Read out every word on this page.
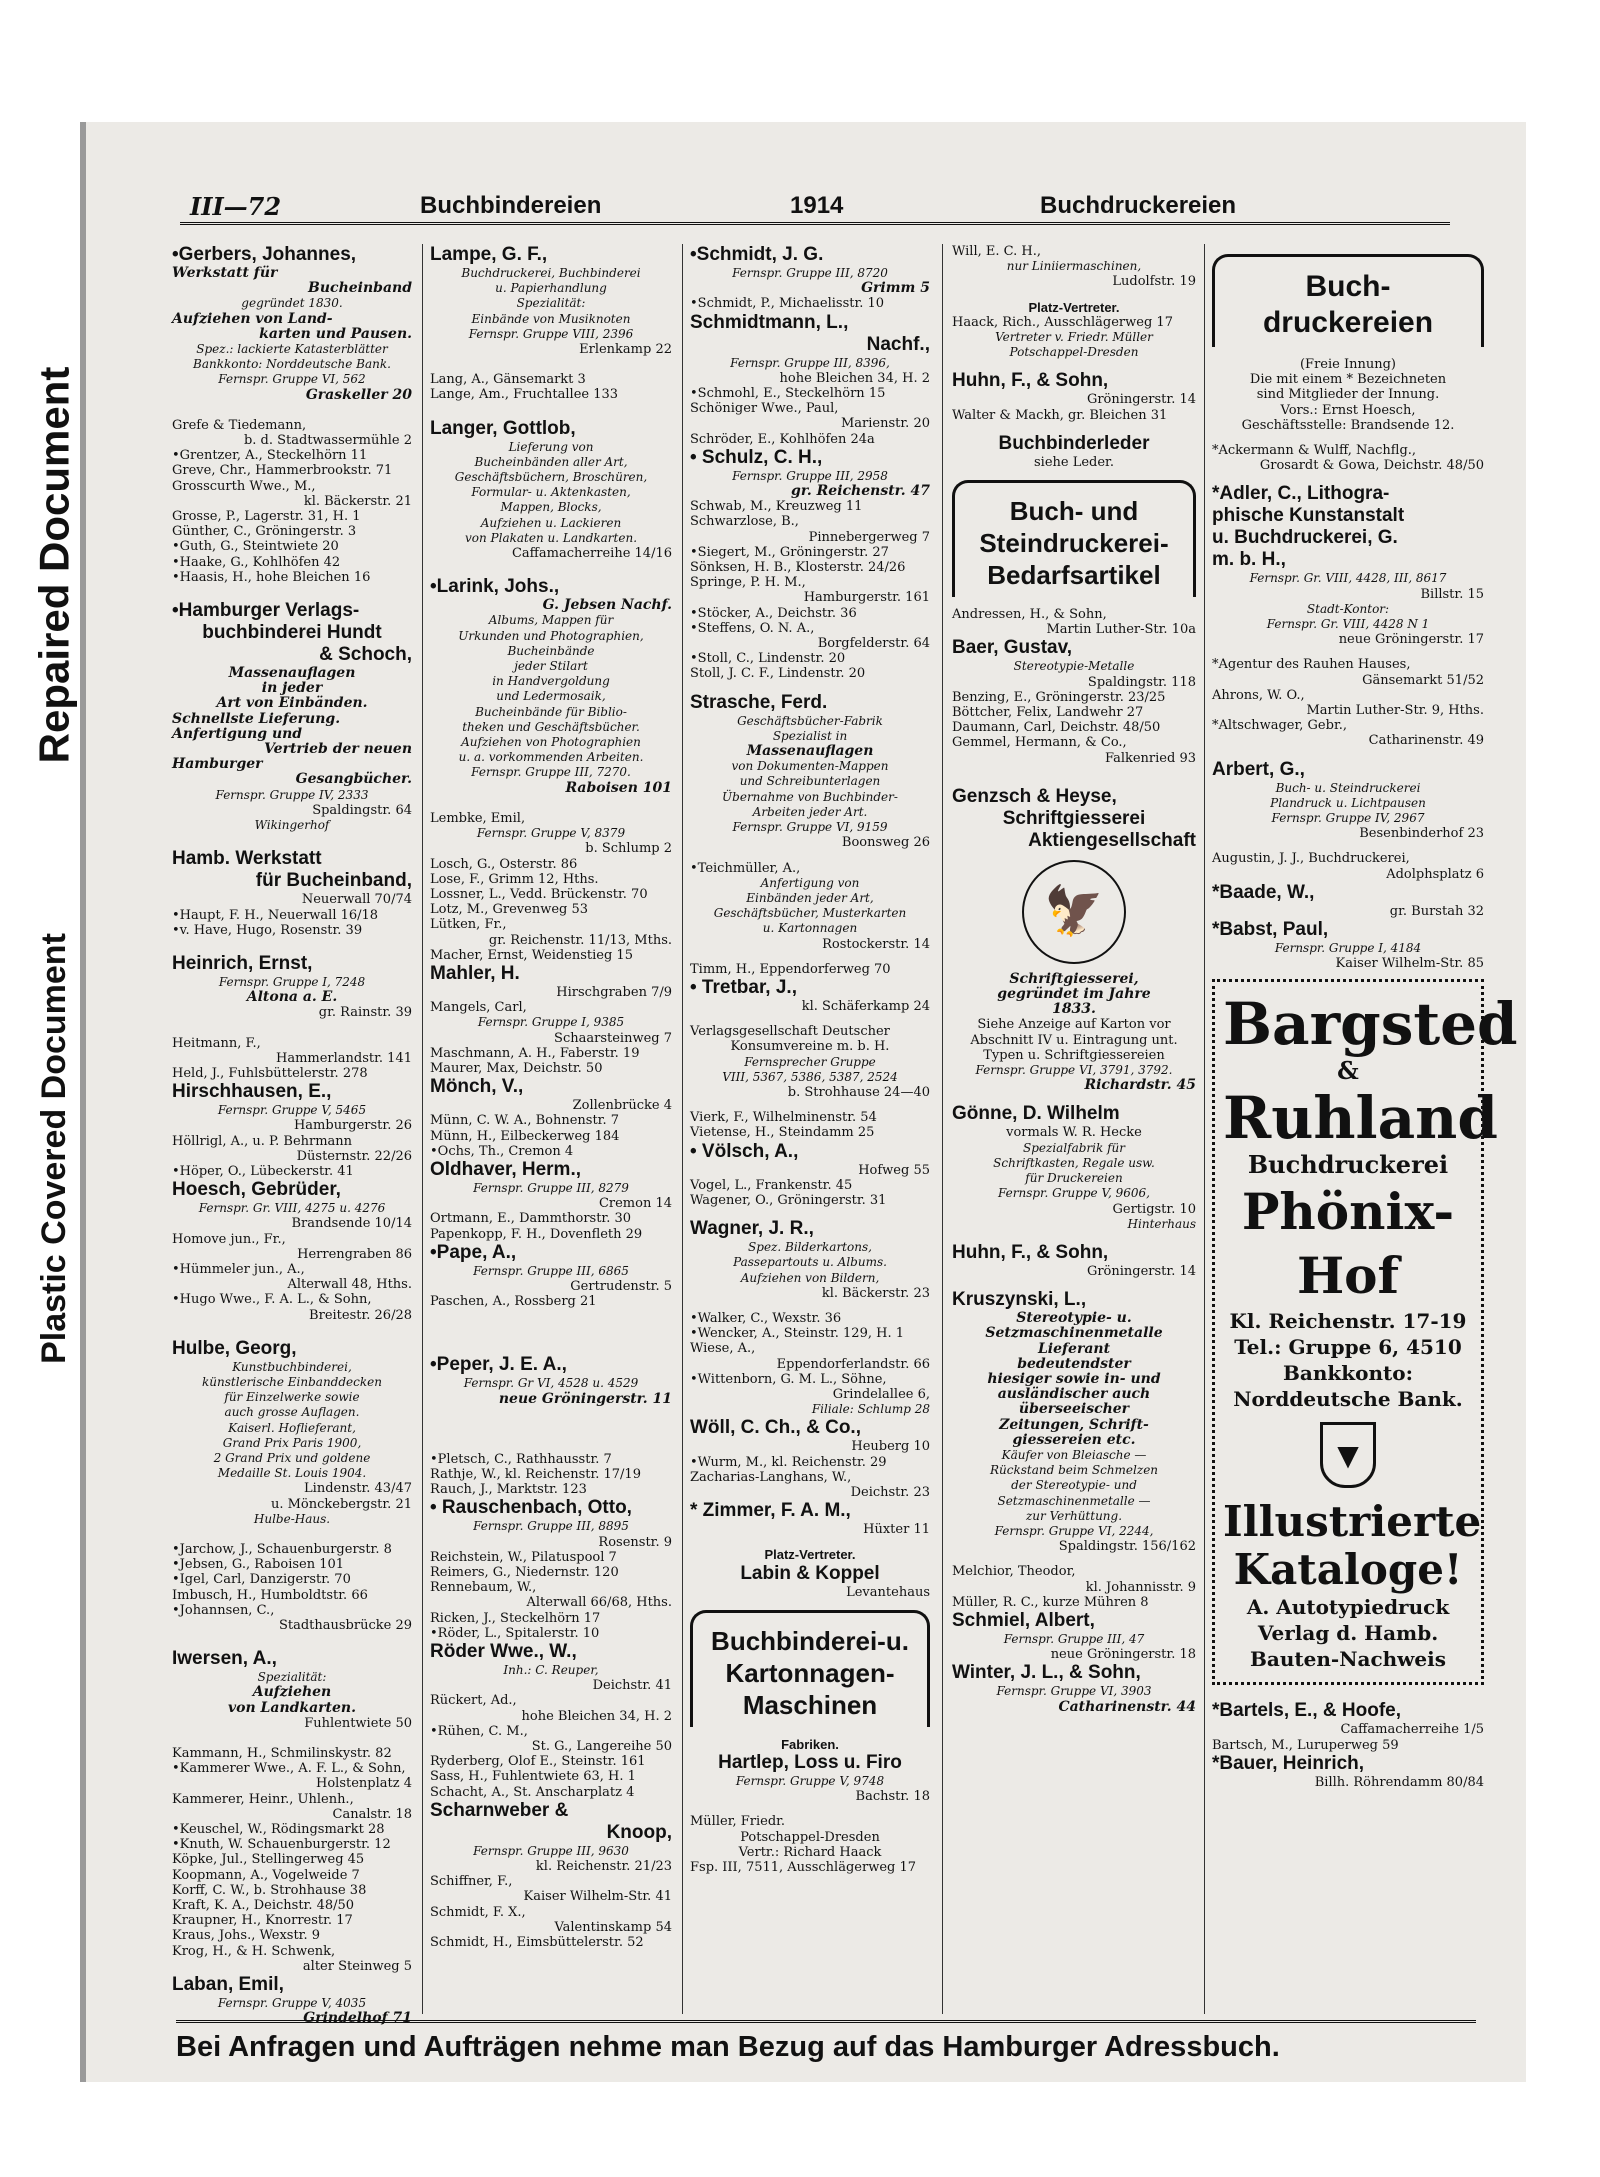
Repaired Document
Plastic Covered Document
III—72	Buchbindereien	1914	Buchdruckereien
•Gerbers, Johannes,
Werkstatt für
Bucheinband
gegründet 1830.
Aufziehen von Land-
karten und Pausen.
Spez.: lackierte Katasterblätter
Bankkonto: Norddeutsche Bank.
Fernspr. Gruppe VI, 562
Graskeller 20
Grefe & Tiedemann,
b. d. Stadtwassermühle 2
•Grentzer, A., Steckelhörn 11
Greve, Chr., Hammerbrookstr. 71
Grosscurth Wwe., M.,
kl. Bäckerstr. 21
Grosse, P., Lagerstr. 31, H. 1
Günther, C., Gröningerstr. 3
•Guth, G., Steintwiete 20
•Haake, G., Kohlhöfen 42
•Haasis, H., hohe Bleichen 16
•Hamburger Verlags-
buchbinderei Hundt
& Schoch,
Massenauflagen
in jeder
Art von Einbänden.
Schnellste Lieferung.
Anfertigung und
Vertrieb der neuen
Hamburger
Gesangbücher.
Fernspr. Gruppe IV, 2333
Spaldingstr. 64
Wikingerhof
Hamb. Werkstatt
für Bucheinband,
Neuerwall 70/74
•Haupt, F. H., Neuerwall 16/18
•v. Have, Hugo, Rosenstr. 39
Heinrich, Ernst,
Fernspr. Gruppe I, 7248
Altona a. E.
gr. Rainstr. 39
Heitmann, F.,
Hammerlandstr. 141
Held, J., Fuhlsbüttelerstr. 278
Hirschhausen, E.,
Fernspr. Gruppe V, 5465
Hamburgerstr. 26
Höllrigl, A., u. P. Behrmann
Düsternstr. 22/26
•Höper, O., Lübeckerstr. 41
Hoesch, Gebrüder,
Fernspr. Gr. VIII, 4275 u. 4276
Brandsende 10/14
Homove jun., Fr.,
Herrengraben 86
•Hümmeler jun., A.,
Alterwall 48, Hths.
•Hugo Wwe., F. A. L., & Sohn,
Breitestr. 26/28
Hulbe, Georg,
Kunstbuchbinderei,
künstlerische Einbanddecken
für Einzelwerke sowie
auch grosse Auflagen.
Kaiserl. Hoflieferant,
Grand Prix Paris 1900,
2 Grand Prix und goldene
Medaille St. Louis 1904.
Lindenstr. 43/47
u. Mönckebergstr. 21
Hulbe-Haus.
•Jarchow, J., Schauenburgerstr. 8
•Jebsen, G., Raboisen 101
•Igel, Carl, Danzigerstr. 70
Imbusch, H., Humboldtstr. 66
•Johannsen, C.,
Stadthausbrücke 29
Iwersen, A.,
Spezialität:
Aufziehen
von Landkarten.
Fuhlentwiete 50
Kammann, H., Schmilinskystr. 82
•Kammerer Wwe., A. F. L., & Sohn,
Holstenplatz 4
Kammerer, Heinr., Uhlenh.,
Canalstr. 18
•Keuschel, W., Rödingsmarkt 28
•Knuth, W. Schauenburgerstr. 12
Köpke, Jul., Stellingerweg 45
Koopmann, A., Vogelweide 7
Korff, C. W., b. Strohhause 38
Kraft, K. A., Deichstr. 48/50
Kraupner, H., Knorrestr. 17
Kraus, Johs., Wexstr. 9
Krog, H., & H. Schwenk,
alter Steinweg 5
Laban, Emil,
Fernspr. Gruppe V, 4035
Grindelhof 71
Lampe, G. F.,
Buchdruckerei, Buchbinderei
u. Papierhandlung
Spezialität:
Einbände von Musiknoten
Fernspr. Gruppe VIII, 2396
Erlenkamp 22
Lang, A., Gänsemarkt 3
Lange, Am., Fruchtallee 133
Langer, Gottlob,
Lieferung von
Bucheinbänden aller Art,
Geschäftsbüchern, Broschüren,
Formular- u. Aktenkasten,
Mappen, Blocks,
Aufziehen u. Lackieren
von Plakaten u. Landkarten.
Caffamacherreihe 14/16
•Larink, Johs.,
G. Jebsen Nachf.
Albums, Mappen für
Urkunden und Photographien,
Bucheinbände
jeder Stilart
in Handvergoldung
und Ledermosaik,
Bucheinbände für Biblio-
theken und Geschäftsbücher.
Aufziehen von Photographien
u. a. vorkommenden Arbeiten.
Fernspr. Gruppe III, 7270.
Raboisen 101
Lembke, Emil,
Fernspr. Gruppe V, 8379
b. Schlump 2
Losch, G., Osterstr. 86
Lose, F., Grimm 12, Hths.
Lossner, L., Vedd. Brückenstr. 70
Lotz, M., Grevenweg 53
Lütken, Fr.,
gr. Reichenstr. 11/13, Mths.
Macher, Ernst, Weidenstieg 15
Mahler, H.
Hirschgraben 7/9
Mangels, Carl,
Fernspr. Gruppe I, 9385
Schaarsteinweg 7
Maschmann, A. H., Faberstr. 19
Maurer, Max, Deichstr. 50
Mönch, V.,
Zollenbrücke 4
Münn, C. W. A., Bohnenstr. 7
Münn, H., Eilbeckerweg 184
•Ochs, Th., Cremon 4
Oldhaver, Herm.,
Fernspr. Gruppe III, 8279
Cremon 14
Ortmann, E., Dammthorstr. 30
Papenkopp, F. H., Dovenfleth 29
•Pape, A.,
Fernspr. Gruppe III, 6865
Gertrudenstr. 5
Paschen, A., Rossberg 21
•Peper, J. E. A.,
Fernspr. Gr VI, 4528 u. 4529
neue Gröningerstr. 11
•Pletsch, C., Rathhausstr. 7
Rathje, W., kl. Reichenstr. 17/19
Rauch, J., Marktstr. 123
• Rauschenbach, Otto,
Fernspr. Gruppe III, 8895
Rosenstr. 9
Reichstein, W., Pilatuspool 7
Reimers, G., Niedernstr. 120
Rennebaum, W.,
Alterwall 66/68, Hths.
Ricken, J., Steckelhörn 17
•Röder, L., Spitalerstr. 10
Röder Wwe., W.,
Inh.: C. Reuper,
Deichstr. 41
Rückert, Ad.,
hohe Bleichen 34, H. 2
•Rühen, C. M.,
St. G., Langereihe 50
Ryderberg, Olof E., Steinstr. 161
Sass, H., Fuhlentwiete 63, H. 1
Schacht, A., St. Anscharplatz 4
Scharnweber &
Knoop,
Fernspr. Gruppe III, 9630
kl. Reichenstr. 21/23
Schiffner, F.,
Kaiser Wilhelm-Str. 41
Schmidt, F. X.,
Valentinskamp 54
Schmidt, H., Eimsbüttelerstr. 52
•Schmidt, J. G.
Fernspr. Gruppe III, 8720
Grimm 5
•Schmidt, P., Michaelisstr. 10
Schmidtmann, L.,
Nachf.,
Fernspr. Gruppe III, 8396,
hohe Bleichen 34, H. 2
•Schmohl, E., Steckelhörn 15
Schöniger Wwe., Paul,
Marienstr. 20
Schröder, E., Kohlhöfen 24a
• Schulz, C. H.,
Fernspr. Gruppe III, 2958
gr. Reichenstr. 47
Schwab, M., Kreuzweg 11
Schwarzlose, B.,
Pinnebergerweg 7
•Siegert, M., Gröningerstr. 27
Sönksen, H. B., Klosterstr. 24/26
Springe, P. H. M.,
Hamburgerstr. 161
•Stöcker, A., Deichstr. 36
•Steffens, O. N. A.,
Borgfelderstr. 64
•Stoll, C., Lindenstr. 20
Stoll, J. C. F., Lindenstr. 20
Strasche, Ferd.
Geschäftsbücher-Fabrik
Spezialist in
Massenauflagen
von Dokumenten-Mappen
und Schreibunterlagen
Übernahme von Buchbinder-
Arbeiten jeder Art.
Fernspr. Gruppe VI, 9159
Boonsweg 26
•Teichmüller, A.,
Anfertigung von
Einbänden jeder Art,
Geschäftsbücher, Musterkarten
u. Kartonnagen
Rostockerstr. 14
Timm, H., Eppendorferweg 70
• Tretbar, J.,
kl. Schäferkamp 24
Verlagsgesellschaft Deutscher
Konsumvereine m. b. H.
Fernsprecher Gruppe
VIII, 5367, 5386, 5387, 2524
b. Strohhause 24—40
Vierk, F., Wilhelminenstr. 54
Vietense, H., Steindamm 25
• Völsch, A.,
Hofweg 55
Vogel, L., Frankenstr. 45
Wagener, O., Gröningerstr. 31
Wagner, J. R.,
Spez. Bilderkartons,
Passepartouts u. Albums.
Aufziehen von Bildern,
kl. Bäckerstr. 23
•Walker, C., Wexstr. 36
•Wencker, A., Steinstr. 129, H. 1
Wiese, A.,
Eppendorferlandstr. 66
•Wittenborn, G. M. L., Söhne,
Grindelallee 6,
Filiale: Schlump 28
Wöll, C. Ch., & Co.,
Heuberg 10
•Wurm, M., kl. Reichenstr. 29
Zacharias-Langhans, W.,
Deichstr. 23
* Zimmer, F. A. M.,
Hüxter 11
Platz-Vertreter.
Labin & Koppel
Levantehaus
Buchbinderei-u. Kartonnagen-Maschinen
Fabriken.
Hartlep, Loss u. Firo
Fernspr. Gruppe V, 9748
Bachstr. 18
Müller, Friedr.
Potschappel-Dresden
Vertr.: Richard Haack
Fsp. III, 7511, Ausschlägerweg 17
Will, E. C. H.,
nur Liniiermaschinen,
Ludolfstr. 19
Platz-Vertreter.
Haack, Rich., Ausschlägerweg 17
Vertreter v. Friedr. Müller
Potschappel-Dresden
Huhn, F., & Sohn,
Gröningerstr. 14
Walter & Mackh, gr. Bleichen 31
Buchbinderleder
siehe Leder.
Buch- und Steindruckerei-Bedarfsartikel
Andressen, H., & Sohn,
Martin Luther-Str. 10a
Baer, Gustav,
Stereotypie-Metalle
Spaldingstr. 118
Benzing, E., Gröningerstr. 23/25
Böttcher, Felix, Landwehr 27
Daumann, Carl, Deichstr. 48/50
Gemmel, Hermann, & Co.,
Falkenried 93
Genzsch & Heyse,
Schriftgiesserei
Aktiengesellschaft
🦅
Schriftgiesserei,
gegründet im Jahre
1833.
Siehe Anzeige auf Karton vor
Abschnitt IV u. Eintragung unt.
Typen u. Schriftgiessereien
Fernspr. Gruppe VI, 3791, 3792.
Richardstr. 45
Gönne, D. Wilhelm
vormals W. R. Hecke
Spezialfabrik für
Schriftkasten, Regale usw.
für Druckereien
Fernspr. Gruppe V, 9606,
Gertigstr. 10
Hinterhaus
Huhn, F., & Sohn,
Gröningerstr. 14
Kruszynski, L.,
Stereotypie- u.
Setzmaschinenmetalle
Lieferant
bedeutendster
hiesiger sowie in- und
ausländischer auch
überseeischer
Zeitungen, Schrift-
giessereien etc.
Käufer von Bleiasche —
Rückstand beim Schmelzen
der Stereotypie- und
Setzmaschinenmetalle —
zur Verhüttung.
Fernspr. Gruppe VI, 2244,
Spaldingstr. 156/162
Melchior, Theodor,
kl. Johannisstr. 9
Müller, R. C., kurze Mühren 8
Schmiel, Albert,
Fernspr. Gruppe III, 47
neue Gröningerstr. 18
Winter, J. L., & Sohn,
Fernspr. Gruppe VI, 3903
Catharinenstr. 44
Buch-druckereien
(Freie Innung)
Die mit einem * Bezeichneten
sind Mitglieder der Innung.
Vors.: Ernst Hoesch,
Geschäftsstelle: Brandsende 12.
*Ackermann & Wulff, Nachflg.,
Grosardt & Gowa, Deichstr. 48/50
*Adler, C., Lithogra-
phische Kunstanstalt
u. Buchdruckerei, G.
m. b. H.,
Fernspr. Gr. VIII, 4428, III, 8617
Billstr. 15
Stadt-Kontor:
Fernspr. Gr. VIII, 4428 N 1
neue Gröningerstr. 17
*Agentur des Rauhen Hauses,
Gänsemarkt 51/52
Ahrons, W. O.,
Martin Luther-Str. 9, Hths.
*Altschwager, Gebr.,
Catharinenstr. 49
Arbert, G.,
Buch- u. Steindruckerei
Plandruck u. Lichtpausen
Fernspr. Gruppe IV, 2967
Besenbinderhof 23
Augustin, J. J., Buchdruckerei,
Adolphsplatz 6
*Baade, W.,
gr. Burstah 32
*Babst, Paul,
Fernspr. Gruppe I, 4184
Kaiser Wilhelm-Str. 85
Bargsted
&
Ruhland
Buchdruckerei
Phönix-Hof
Kl. Reichenstr. 17-19
Tel.: Gruppe 6, 4510
Bankkonto:
Norddeutsche Bank.
▼
Illustrierte
Kataloge!
A. Autotypiedruck
Verlag d. Hamb.
Bauten-Nachweis
*Bartels, E., & Hoofe,
Caffamacherreihe 1/5
Bartsch, M., Luruperweg 59
*Bauer, Heinrich,
Billh. Röhrendamm 80/84
Bei Anfragen und Aufträgen nehme man Bezug auf das Hamburger Adressbuch.
